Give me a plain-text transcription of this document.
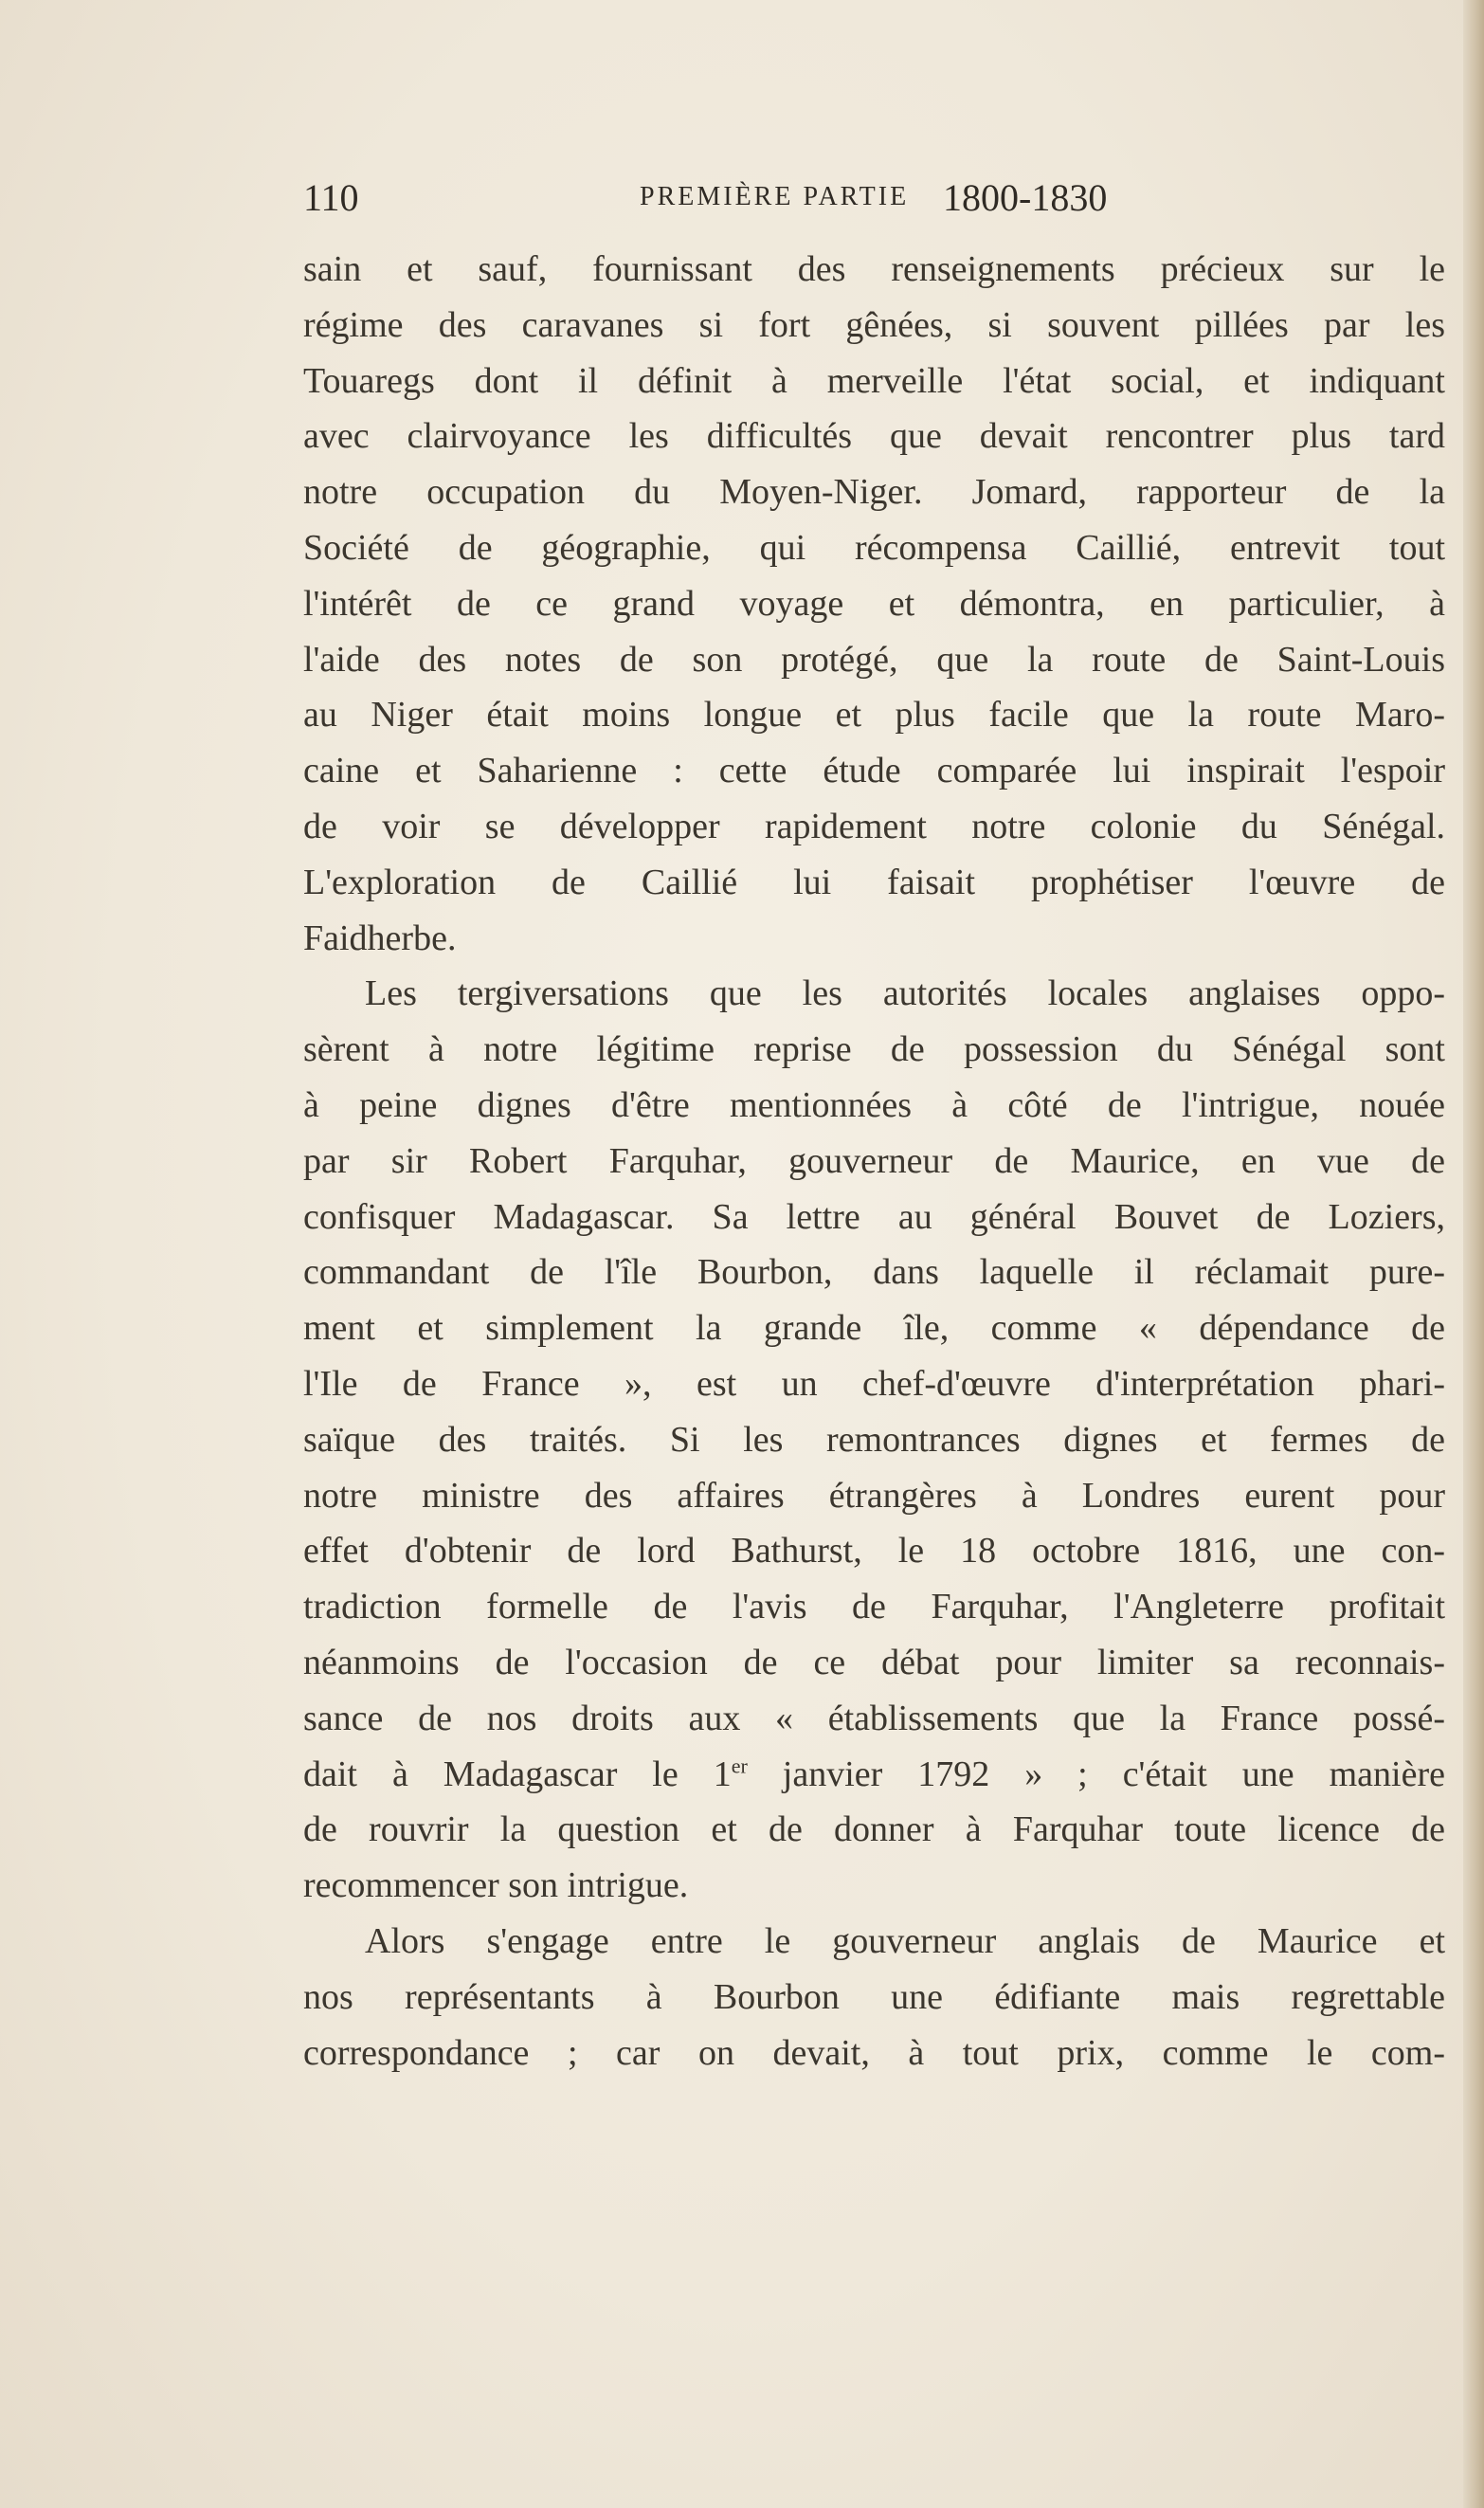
110	PREMIÈRE PARTIE 1800-1830
sain et sauf, fournissant des renseignements précieux sur le
régime des caravanes si fort gênées, si souvent pillées par les
Touaregs dont il définit à merveille l'état social, et indiquant
avec clairvoyance les difficultés que devait rencontrer plus tard
notre occupation du Moyen-Niger. Jomard, rapporteur de la
Société de géographie, qui récompensa Caillié, entrevit tout
l'intérêt de ce grand voyage et démontra, en particulier, à
l'aide des notes de son protégé, que la route de Saint-Louis
au Niger était moins longue et plus facile que la route Maro-
caine et Saharienne : cette étude comparée lui inspirait l'espoir
de voir se développer rapidement notre colonie du Sénégal.
L'exploration de Caillié lui faisait prophétiser l'œuvre de
Faidherbe.
Les tergiversations que les autorités locales anglaises oppo-
sèrent à notre légitime reprise de possession du Sénégal sont
à peine dignes d'être mentionnées à côté de l'intrigue, nouée
par sir Robert Farquhar, gouverneur de Maurice, en vue de
confisquer Madagascar. Sa lettre au général Bouvet de Loziers,
commandant de l'île Bourbon, dans laquelle il réclamait pure-
ment et simplement la grande île, comme « dépendance de
l'Ile de France », est un chef-d'œuvre d'interprétation phari-
saïque des traités. Si les remontrances dignes et fermes de
notre ministre des affaires étrangères à Londres eurent pour
effet d'obtenir de lord Bathurst, le 18 octobre 1816, une con-
tradiction formelle de l'avis de Farquhar, l'Angleterre profitait
néanmoins de l'occasion de ce débat pour limiter sa reconnais-
sance de nos droits aux « établissements que la France possé-
dait à Madagascar le 1er janvier 1792 » ; c'était une manière
de rouvrir la question et de donner à Farquhar toute licence de
recommencer son intrigue.
Alors s'engage entre le gouverneur anglais de Maurice et
nos représentants à Bourbon une édifiante mais regrettable
correspondance ; car on devait, à tout prix, comme le com-
